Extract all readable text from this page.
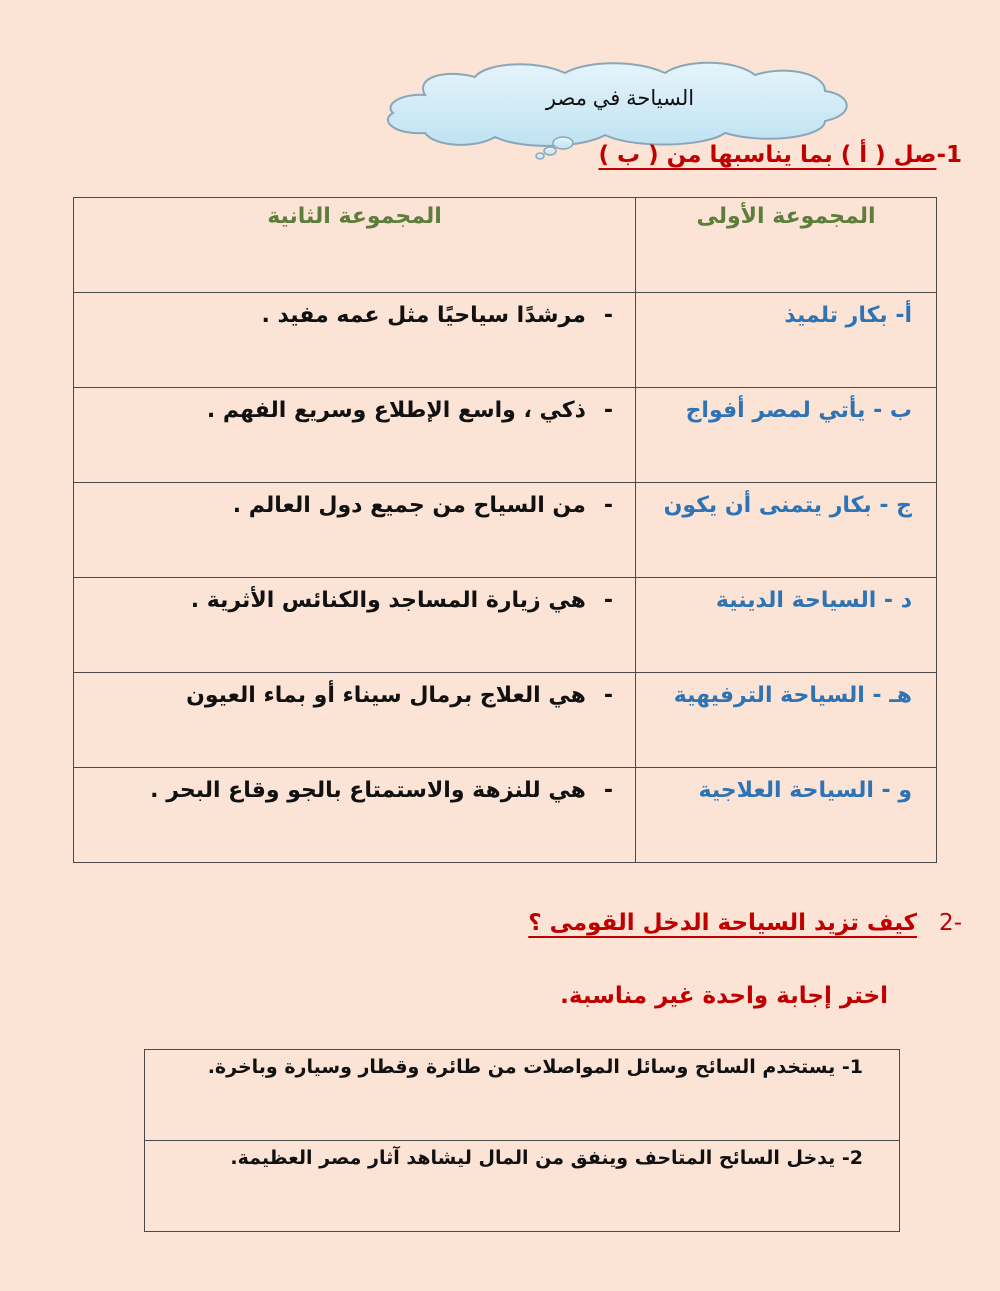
السياحة في مصر
1-صل ( أ ) بما يناسبها من ( ب )
المجموعة الأولى	المجموعة الثانية

أ- بكار تلميذ	-مرشدًا سياحيًا مثل عمه مفيد .

ب - يأتي لمصر أفواج	-ذكي ، واسع الإطلاع وسريع الفهم .

ج - بكار يتمنى أن يكون	-من السياح من جميع دول العالم .

د - السياحة الدينية	-هي زيارة المساجد والكنائس الأثرية .

هـ - السياحة الترفيهية	-هي العلاج برمال سيناء أو بماء العيون

و - السياحة العلاجية	-هي للنزهة والاستمتاع بالجو وقاع البحر .
-2كيف تزيد السياحة الدخل القومى ؟
اختر إجابة واحدة غير مناسبة.
1- يستخدم السائح وسائل المواصلات من طائرة وقطار وسيارة وباخرة.
2- يدخل السائح المتاحف وينفق من المال ليشاهد آثار مصر العظيمة.
